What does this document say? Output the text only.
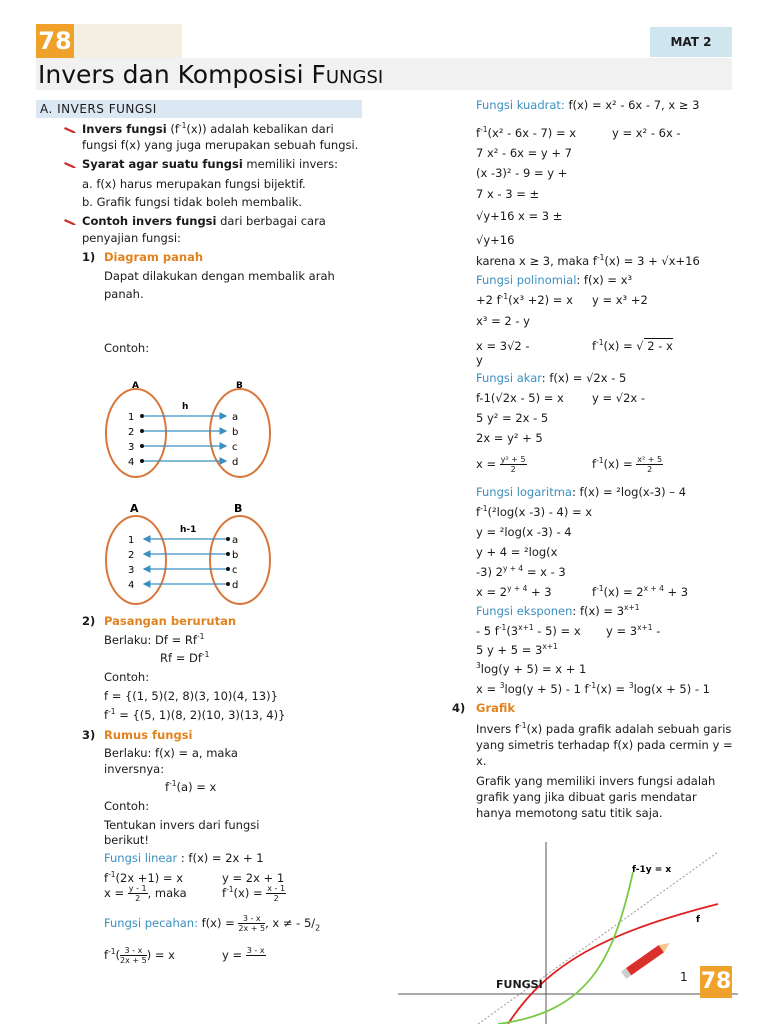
78	MAT 2
Invers dan Komposisi Fungsi
A. INVERS FUNGSI
Invers fungsi $(f^{-1}(x))$ adalah kebalikan dari
fungsi f(x) yang juga merupakan sebuah fungsi.
Syarat agar suatu fungsi memiliki invers:
a. f(x) harus merupakan fungsi bijektif.
b. Grafik fungsi tidak boleh membalik.
Contoh invers fungsi dari berbagai cara
penyajian fungsi:
1) Diagram panah
Dapat dilakukan dengan membalik arah
panah.
Contoh:
A	B
h
1
2
3
4
a
b
c
d
A	B
h-1
1
2
3
4
a
b
c
d
2) Pasangan berurutan
Berlaku: $Df = Rf^{-1}$
$Rf = Df^{-1}$
Contoh:
f = {(1, 5)(2, 8)(3, 10)(4, 13)}
$f^{-1} = \{(5$, 1)(8, 2)(10, 3)(13, 4)}
3) Rumus fungsi
Berlaku: f(x) = a, maka
inversnya:
$f^{-1}(a) = x$
Contoh:
Tentukan invers dari fungsi
berikut!
Fungsi linear : f(x) = 2x + 1
$f^{-1}(2x +1) = x$	y = 2x + 1
$x = \frac{y - 1}{2}$ , maka	$f^{-1}(x) = \frac{x - 1}{2}$
Fungsi pecahan: $f(x) = \frac{3 - x}{2x + 5}$ , x ≠ - $5/_2$
$f^{-1}( \frac{3 - x}{2x + 5}$ ) = x	y = 3 - x

Fungsi kuadrat: f(x) = x² - 6x - 7, x ≥ 3
$f^{-1}(x^2 - 6x - 7) = x$	y = x² - 6x -
7 x² - 6x = y + 7
(x -3)² - 9 = y +
7 x - 3 = ±
√y+16 x = 3 ±
√y+16
karena x ≥ 3, maka $f^{-1}(x) = 3 + √x+16$
Fungsi polinomial: f(x) = x³
+2 $f^{-1}(x^3 +2) = x$ y = x³ +2
x³ = 2 - y
x = 3√2 -	$f^{-1}(x)$ = √ 2 - x
y
Fungsi akar: f(x) = √2x - 5
f-1(√2x - 5) = x y = √2x -
5 y² = 2x - 5
2x = y² + 5
$x = \frac{\text{y² + 5}}{2}$	$f^{-1}(x) = \frac{\text{x² + 5}}{2}$
Fungsi logaritma: f(x) = ²log(x-3) – 4
$f^{-1}(^2\log(x$ -3) - 4) = x
y = ²log(x -3) - 4
y + 4 = ²log(x
-3) $2^{y + 4} = x - 3$
$x = 2^{y + 4} + 3$	$f^{-1}(x) = 2^{x + 4} + 3$
Fungsi eksponen: $f(x) = 3^{x+1}$
- 5 $f^{-1}(3^{x+1} - 5) = x$ $y = 3^{x+1}$ -
5 $y + 5 = 3^{x+1}$
$^3$log(y + 5) = x + 1
x = $^3$log(y + 5) - 1 $f^{-1}(x) = ^3\log(x + 5) - 1$
4) Grafik
Invers $f^{-1}(x)$ pada grafik adalah sebuah garis
yang simetris terhadap f(x) pada cermin y =
x.
Grafik yang memiliki invers fungsi adalah
grafik yang jika dibuat garis mendatar
hanya memotong satu titik saja.
f-1y = x
f
FUNGSI
1 78
